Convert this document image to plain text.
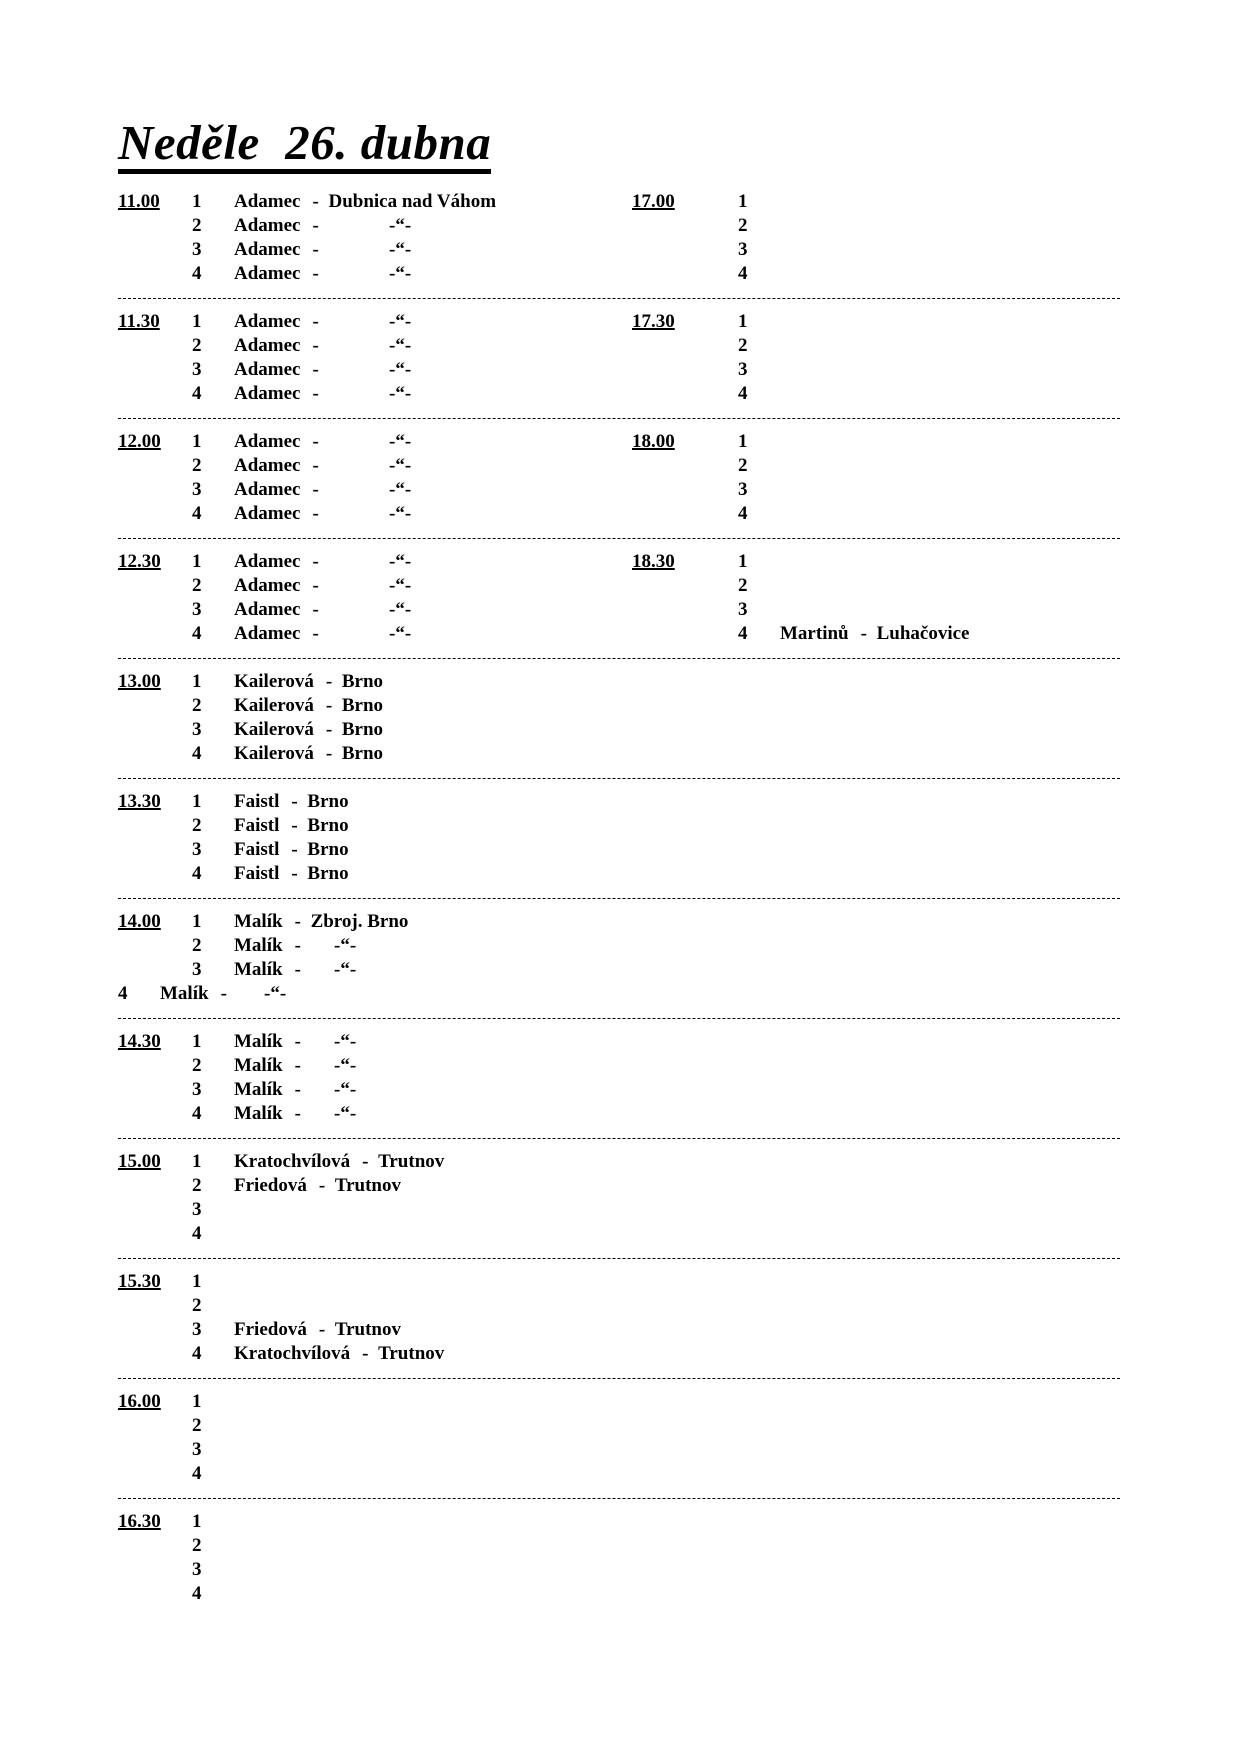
Neděle  26. dubna
11.00 1 Adamec - Dubnica nad Váhom
2 Adamec -	-“-
3 Adamec -	-“-
4 Adamec -	-“-
11.30 1 Adamec -	-“-
2 Adamec -	-“-
3 Adamec -	-“-
4 Adamec -	-“-
12.00 1 Adamec -	-“-
2 Adamec -	-“-
3 Adamec -	-“-
4 Adamec -	-“-
12.30 1 Adamec -	-“-
2 Adamec -	-“-
3 Adamec -	-“-
4 Adamec -	-“-
13.00 1 Kailerová - Brno
2 Kailerová - Brno
3 Kailerová - Brno
4 Kailerová - Brno
13.30 1 Faistl - Brno
2 Faistl - Brno
3 Faistl - Brno
4 Faistl - Brno
14.00 1 Malík - Zbroj. Brno
2 Malík - -“-
3 Malík - -“-
4 Malík - -“-
14.30 1 Malík - -“-
2 Malík - -“-
3 Malík - -“-
4 Malík - -“-
15.00 1 Kratochvílová - Trutnov
2 Friedová - Trutnov
3
4
15.30 1
2
3 Friedová - Trutnov
4 Kratochvílová - Trutnov
16.00 1
2
3
4
16.30 1
2
3
4
17.00	1
2
3
4
17.30	1
2
3
4
18.00	1
2
3
4
18.30	1
2
3
4 Martinů - Luhačovice
